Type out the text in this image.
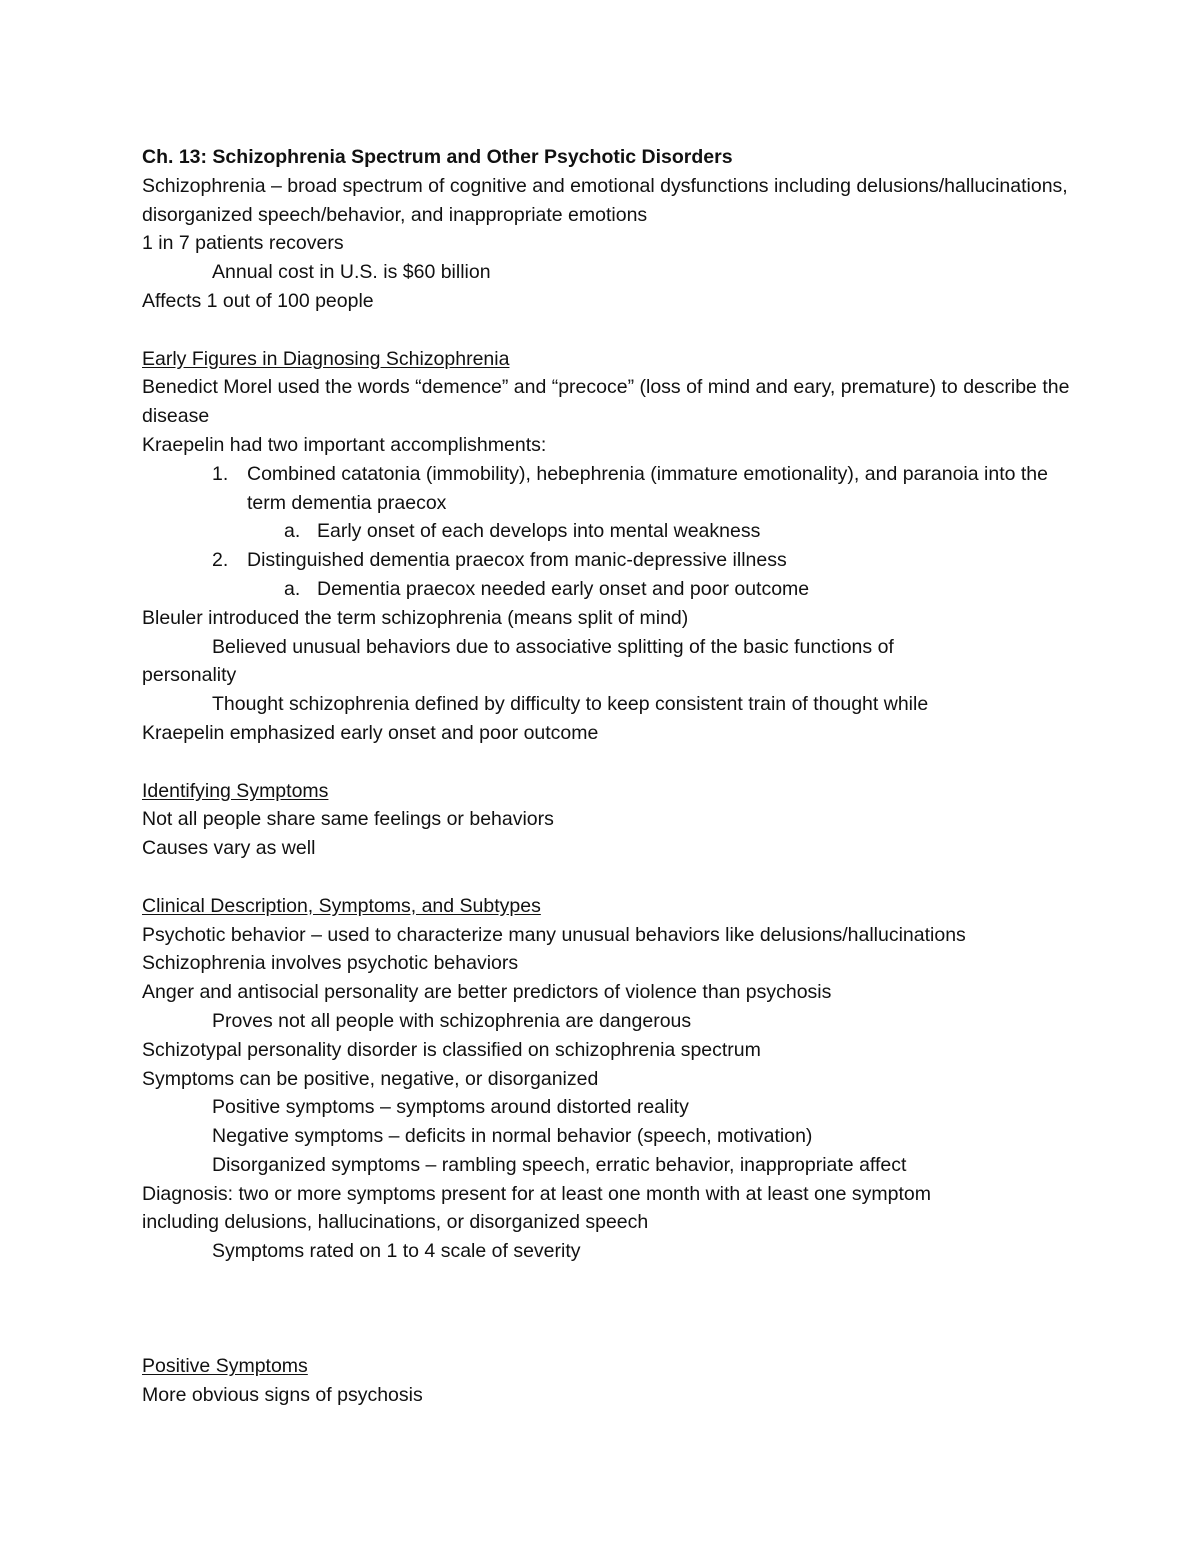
Ch. 13: Schizophrenia Spectrum and Other Psychotic Disorders
Schizophrenia – broad spectrum of cognitive and emotional dysfunctions including delusions/hallucinations, disorganized speech/behavior, and inappropriate emotions
1 in 7 patients recovers
Annual cost in U.S. is $60 billion
Affects 1 out of 100 people
Early Figures in Diagnosing Schizophrenia
Benedict Morel used the words “demence” and “precoce” (loss of mind and eary, premature) to describe the disease
Kraepelin had two important accomplishments:
1. Combined catatonia (immobility), hebephrenia (immature emotionality), and paranoia into the term dementia praecox
a. Early onset of each develops into mental weakness
2. Distinguished dementia praecox from manic-depressive illness
a. Dementia praecox needed early onset and poor outcome
Bleuler introduced the term schizophrenia (means split of mind)
Believed unusual behaviors due to associative splitting of the basic functions of
personality
Thought schizophrenia defined by difficulty to keep consistent train of thought while
Kraepelin emphasized early onset and poor outcome
Identifying Symptoms
Not all people share same feelings or behaviors
Causes vary as well
Clinical Description, Symptoms, and Subtypes
Psychotic behavior – used to characterize many unusual behaviors like delusions/hallucinations
Schizophrenia involves psychotic behaviors
Anger and antisocial personality are better predictors of violence than psychosis
Proves not all people with schizophrenia are dangerous
Schizotypal personality disorder is classified on schizophrenia spectrum
Symptoms can be positive, negative, or disorganized
Positive symptoms – symptoms around distorted reality
Negative symptoms – deficits in normal behavior (speech, motivation)
Disorganized symptoms – rambling speech, erratic behavior, inappropriate affect
Diagnosis: two or more symptoms present for at least one month with at least one symptom
including delusions, hallucinations, or disorganized speech
Symptoms rated on 1 to 4 scale of severity
Positive Symptoms
More obvious signs of psychosis
